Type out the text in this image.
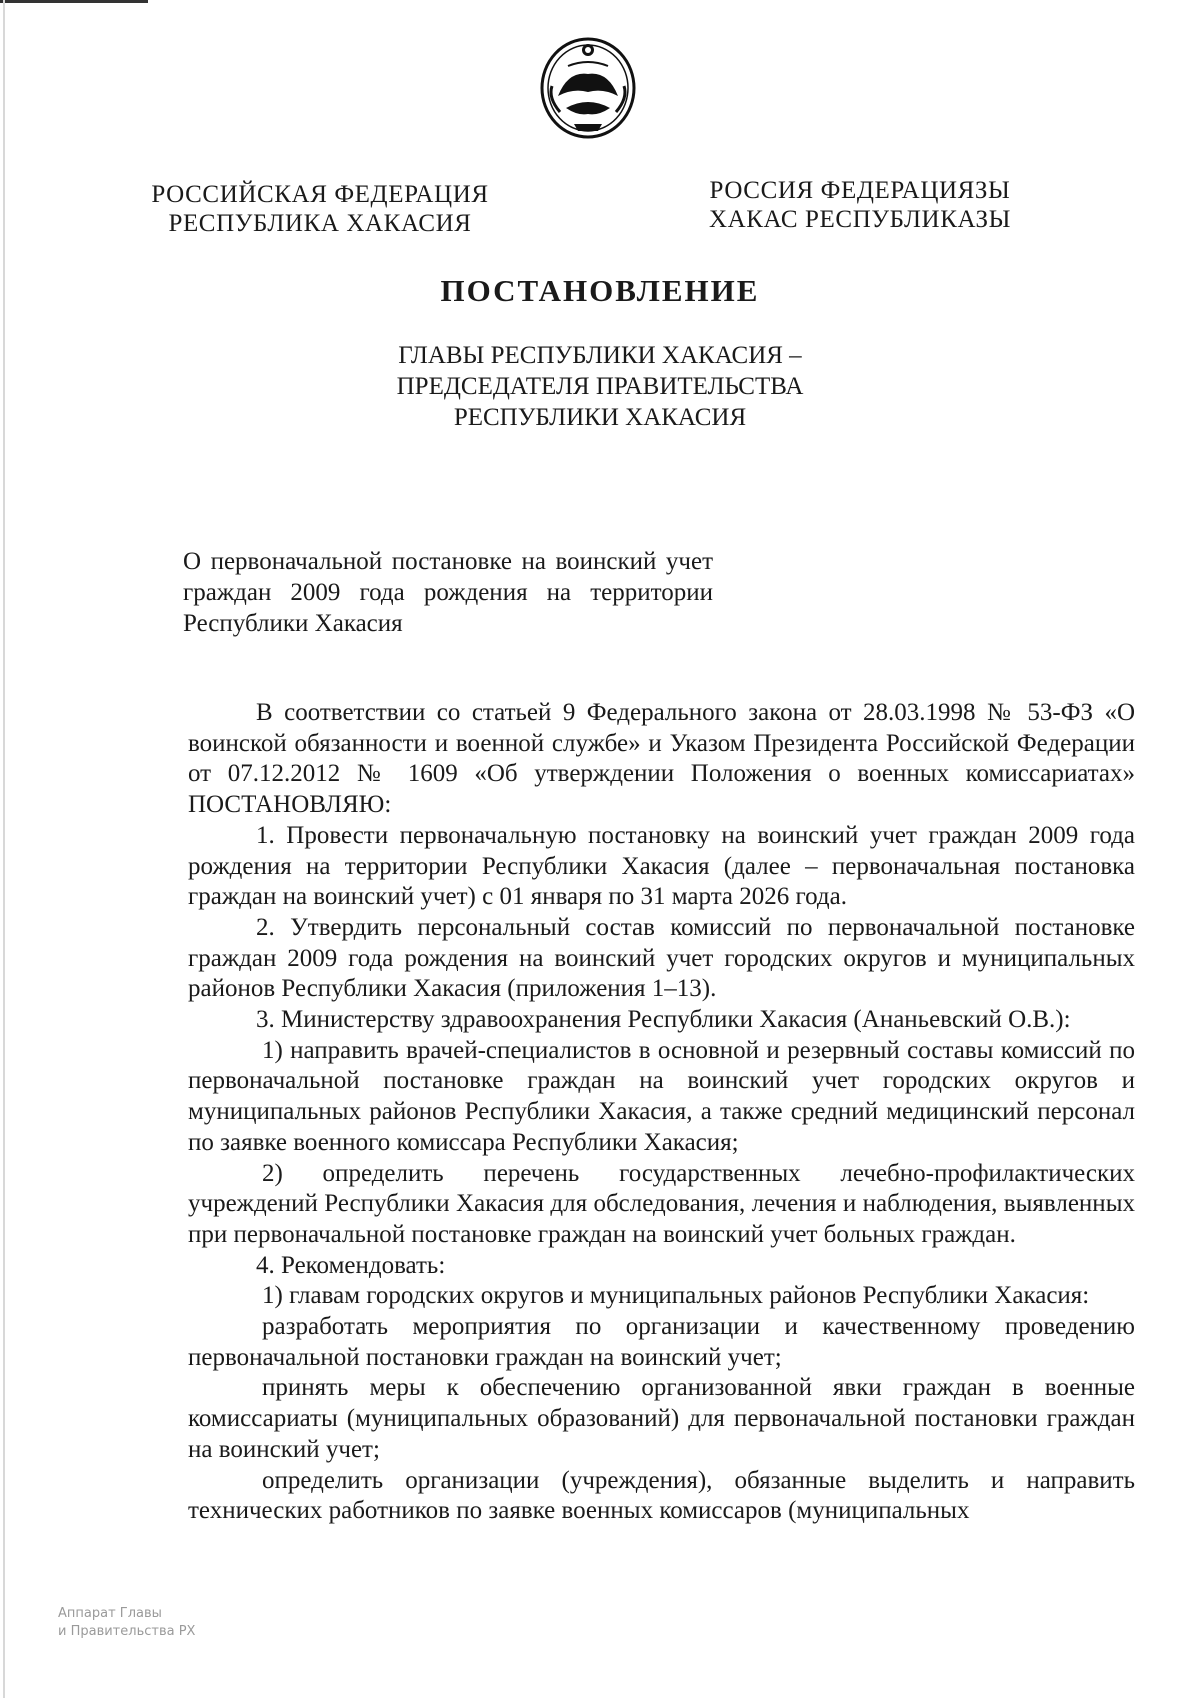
РОССИЙСКАЯ ФЕДЕРАЦИЯ
РЕСПУБЛИКА ХАКАСИЯ
РОССИЯ ФЕДЕРАЦИЯЗЫ
ХАКАС РЕСПУБЛИКАЗЫ
ПОСТАНОВЛЕНИЕ
ГЛАВЫ РЕСПУБЛИКИ ХАКАСИЯ –
ПРЕДСЕДАТЕЛЯ ПРАВИТЕЛЬСТВА
РЕСПУБЛИКИ ХАКАСИЯ
О первоначальной постановке на воинский учет граждан 2009 года рождения на территории Республики Хакасия

В соответствии со статьей 9 Федерального закона от 28.03.1998 № 53-ФЗ «О воинской обязанности и военной службе» и Указом Президента Российской Федерации от 07.12.2012 № 1609 «Об утверждении Положения о военных комиссариатах» ПОСТАНОВЛЯЮ:

1. Провести первоначальную постановку на воинский учет граждан 2009 года рождения на территории Республики Хакасия (далее – первоначальная постановка граждан на воинский учет) с 01 января по 31 марта 2026 года.

2. Утвердить персональный состав комиссий по первоначальной постановке граждан 2009 года рождения на воинский учет городских округов и муниципальных районов Республики Хакасия (приложения 1–13).

3. Министерству здравоохранения Республики Хакасия (Ананьевский О.В.):

1) направить врачей-специалистов в основной и резервный составы комиссий по первоначальной постановке граждан на воинский учет городских округов и муниципальных районов Республики Хакасия, а также средний медицинский персонал по заявке военного комиссара Республики Хакасия;

2) определить перечень государственных лечебно-профилактических учреждений Республики Хакасия для обследования, лечения и наблюдения, выявленных при первоначальной постановке граждан на воинский учет больных граждан.

4. Рекомендовать:

1) главам городских округов и муниципальных районов Республики Хакасия:

разработать мероприятия по организации и качественному проведению первоначальной постановки граждан на воинский учет;

принять меры к обеспечению организованной явки граждан в военные комиссариаты (муниципальных образований) для первоначальной постановки граждан на воинский учет;

определить организации (учреждения), обязанные выделить и направить технических работников по заявке военных комиссаров (муниципальных

Аппарат Главы
и Правительства РХ
